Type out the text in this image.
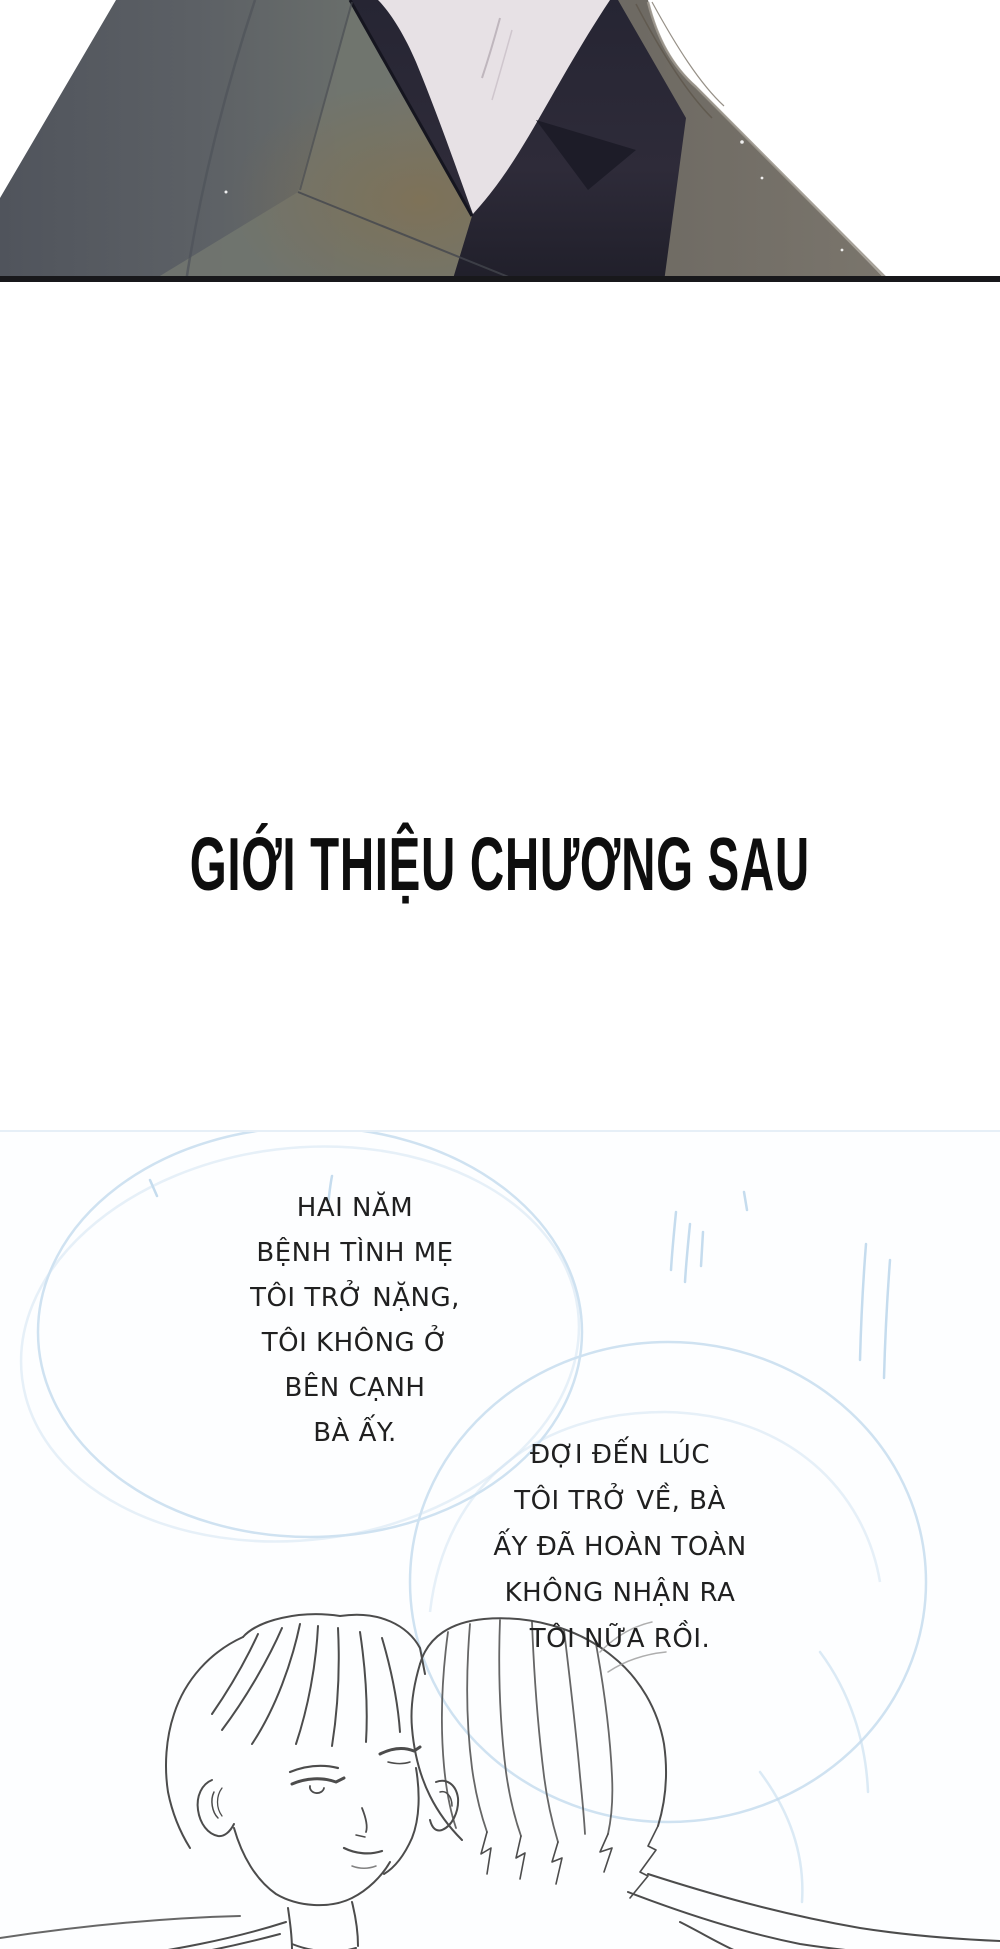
GIỚI THIỆU CHƯƠNG SAU
HAI NĂM
BỆNH TÌNH MẸ
TÔI TRỞ NẶNG,
TÔI KHÔNG Ở
BÊN CẠNH
BÀ ẤY.
ĐỢI ĐẾN LÚC
TÔI TRỞ VỀ, BÀ
ẤY ĐÃ HOÀN TOÀN
KHÔNG NHẬN RA
TÔI NỮA RỒI.
